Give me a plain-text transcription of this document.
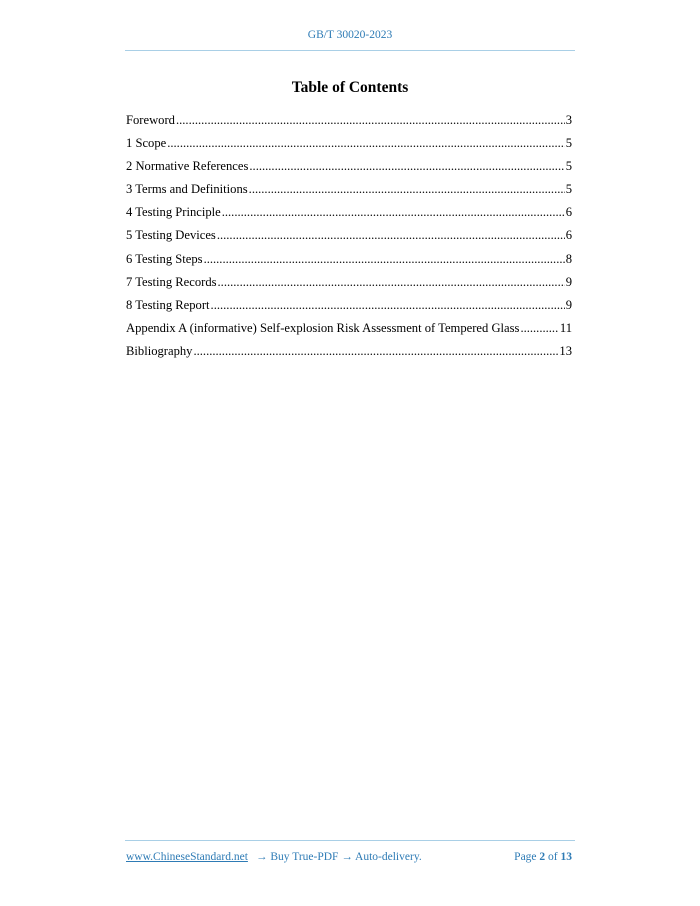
GB/T 30020-2023
Table of Contents
Foreword .....	3
1 Scope .....	5
2 Normative References .....	5
3 Terms and Definitions .....	5
4 Testing Principle .....	6
5 Testing Devices .....	6
6 Testing Steps .....	8
7 Testing Records .....	9
8 Testing Report .....	9
Appendix A (informative) Self-explosion Risk Assessment of Tempered Glass .....	11
Bibliography .....	13
www.ChineseStandard.net → Buy True-PDF → Auto-delivery.	Page 2 of 13
